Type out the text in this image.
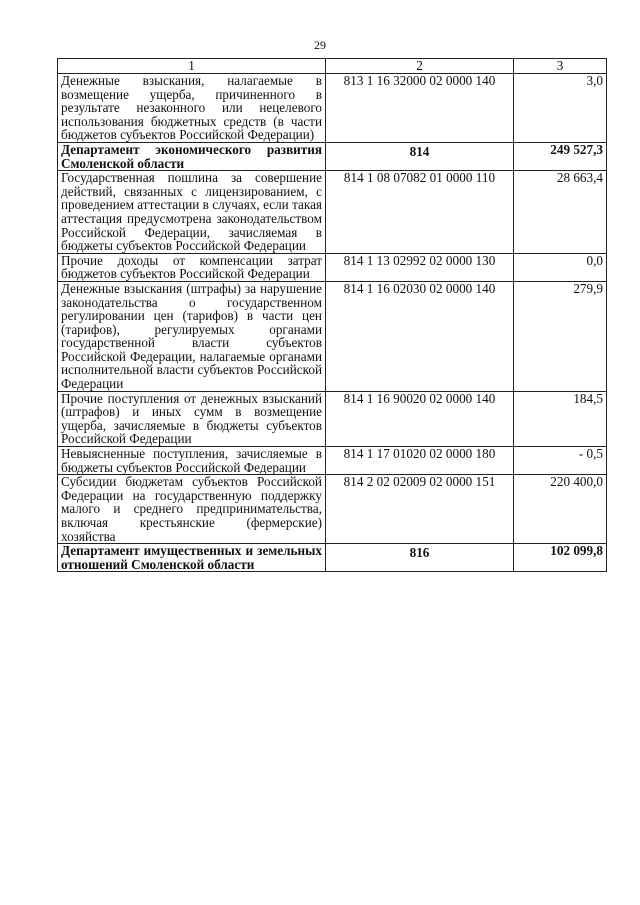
29
1	2	3
Денежные взыскания, налагаемые в возмещение ущерба, причиненного в результате незаконного или нецелевого использования бюджетных средств (в части бюджетов субъектов Российской Федерации)	813 1 16 32000 02 0000 140	3,0
Департамент экономического развития Смоленской области	814	249 527,3
Государственная пошлина за совершение действий, связанных с лицензированием, с проведением аттестации в случаях, если такая аттестация предусмотрена законодательством Российской Федерации, зачисляемая в бюджеты субъектов Российской Федерации	814 1 08 07082 01 0000 110	28 663,4
Прочие доходы от компенсации затрат бюджетов субъектов Российской Федерации	814 1 13 02992 02 0000 130	0,0
Денежные взыскания (штрафы) за нарушение законодательства о государственном регулировании цен (тарифов) в части цен (тарифов), регулируемых органами государственной власти субъектов Российской Федерации, налагаемые органами исполнительной власти субъектов Российской Федерации	814 1 16 02030 02 0000 140	279,9
Прочие поступления от денежных взысканий (штрафов) и иных сумм в возмещение ущерба, зачисляемые в бюджеты субъектов Российской Федерации	814 1 16 90020 02 0000 140	184,5
Невыясненные поступления, зачисляемые в бюджеты субъектов Российской Федерации	814 1 17 01020 02 0000 180	- 0,5
Субсидии бюджетам субъектов Российской Федерации на государственную поддержку малого и среднего предпринимательства, включая крестьянские (фермерские) хозяйства	814 2 02 02009 02 0000 151	220 400,0
Департамент имущественных и земельных отношений Смоленской области	816	102 099,8
